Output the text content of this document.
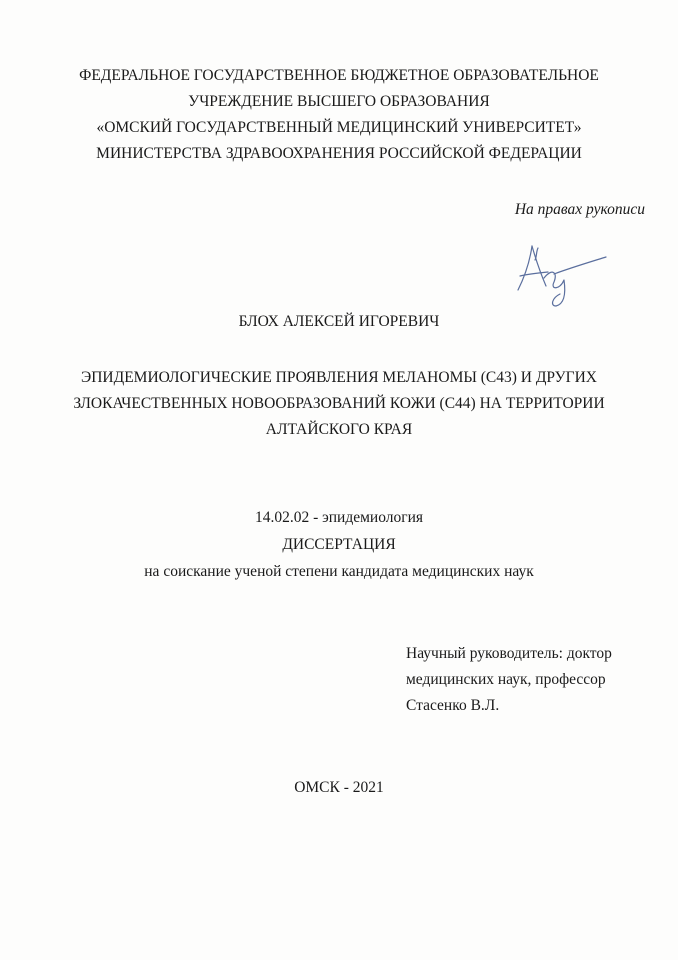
ФЕДЕРАЛЬНОЕ ГОСУДАРСТВЕННОЕ БЮДЖЕТНОЕ ОБРАЗОВАТЕЛЬНОЕ
УЧРЕЖДЕНИЕ ВЫСШЕГО ОБРАЗОВАНИЯ
«ОМСКИЙ ГОСУДАРСТВЕННЫЙ МЕДИЦИНСКИЙ УНИВЕРСИТЕТ»
МИНИСТЕРСТВА ЗДРАВООХРАНЕНИЯ РОССИЙСКОЙ ФЕДЕРАЦИИ
На правах рукописи
БЛОХ АЛЕКСЕЙ ИГОРЕВИЧ
ЭПИДЕМИОЛОГИЧЕСКИЕ ПРОЯВЛЕНИЯ МЕЛАНОМЫ (С43) И ДРУГИХ
ЗЛОКАЧЕСТВЕННЫХ НОВООБРАЗОВАНИЙ КОЖИ (С44) НА ТЕРРИТОРИИ
АЛТАЙСКОГО КРАЯ
14.02.02 - эпидемиология
ДИССЕРТАЦИЯ
на соискание ученой степени кандидата медицинских наук
Научный руководитель: доктор
медицинских наук, профессор
Стасенко В.Л.
ОМСК - 2021
